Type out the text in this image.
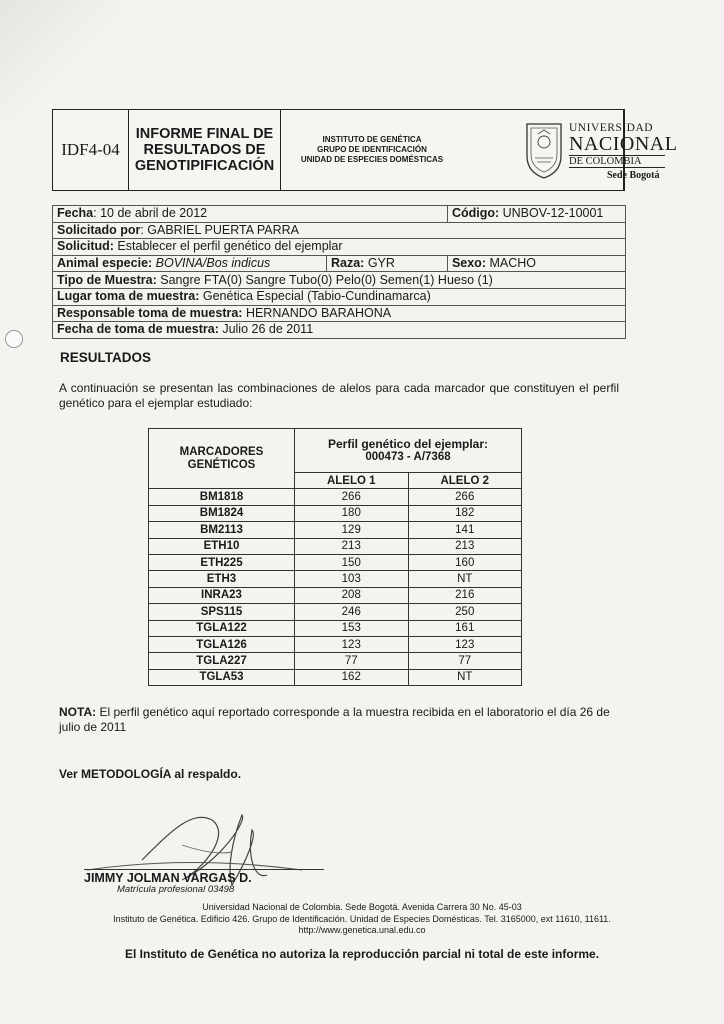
IDF4-04
INFORME FINAL DE
RESULTADOS DE
GENOTIPIFICACIÓN
INSTITUTO DE GENÉTICA
GRUPO DE IDENTIFICACIÓN
UNIDAD DE ESPECIES DOMÉSTICAS
UNIVERSIDAD
NACIONAL
DE COLOMBIA
Sede Bogotá
Fecha: 10 de abril de 2012		Código: UNBOV-12-10001
Solicitado por: GABRIEL PUERTA PARRA		
Solicitud: Establecer el perfil genético del ejemplar		
Animal especie: BOVINA/Bos indicus	Raza: GYR	Sexo: MACHO
Tipo de Muestra: Sangre FTA(0) Sangre Tubo(0) Pelo(0) Semen(1) Hueso (1)		
Lugar toma de muestra: Genética Especial (Tabio-Cundinamarca)		
Responsable toma de muestra: HERNANDO BARAHONA		
Fecha de toma de muestra: Julio 26 de 2011		
RESULTADOS
A continuación se presentan las combinaciones de alelos para cada marcador que constituyen el perfil genético para el ejemplar estudiado:
MARCADORES GENÉTICOS	Perfil genético del ejemplar:
000473 - A/7368	

	ALELO 1	ALELO 2
BM1818	266	266
BM1824	180	182
BM2113	129	141
ETH10	213	213
ETH225	150	160
ETH3	103	NT
INRA23	208	216
SPS115	246	250
TGLA122	153	161
TGLA126	123	123
TGLA227	77	77
TGLA53	162	NT
NOTA: El perfil genético aquí reportado corresponde a la muestra recibida en el laboratorio el día 26 de julio de 2011
Ver METODOLOGÍA al respaldo.
JIMMY JOLMAN VARGAS D.
Matrícula profesional 03498
Universidad Nacional de Colombia. Sede Bogotá. Avenida Carrera 30 No. 45-03
Instituto de Genética. Edificio 426. Grupo de Identificación. Unidad de Especies Domésticas. Tel. 3165000, ext 11610, 11611.
http://www.genetica.unal.edu.co
El Instituto de Genética no autoriza la reproducción parcial ni total de este informe.
